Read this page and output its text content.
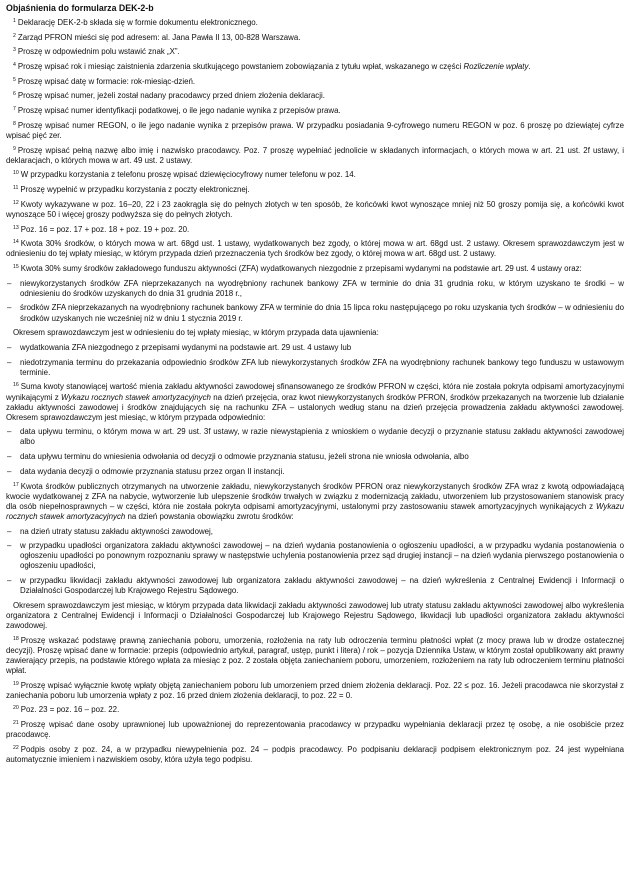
Objaśnienia do formularza DEK-2-b

$^1$ Deklarację DEK-2-b składa się w formie dokumentu elektronicznego.

$^2$ Zarząd PFRON mieści się pod adresem: al. Jana Pawła II 13, 00-828 Warszawa.

$^3$ Proszę w odpowiednim polu wstawić znak „X”.

$^4$ Proszę wpisać rok i miesiąc zaistnienia zdarzenia skutkującego powstaniem zobowiązania z tytułu wpłat, wskazanego w części Rozliczenie wpłaty.

$^5$ Proszę wpisać datę w formacie: rok-miesiąc-dzień.

$^6$ Proszę wpisać numer, jeżeli został nadany pracodawcy przed dniem złożenia deklaracji.

$^7$ Proszę wpisać numer identyfikacji podatkowej, o ile jego nadanie wynika z przepisów prawa.

$^8$ Proszę wpisać numer REGON, o ile jego nadanie wynika z przepisów prawa. W przypadku posiadania 9-cyfrowego numeru REGON w poz. 6 proszę po dziewiątej cyfrze wpisać pięć zer.

$^9$ Proszę wpisać pełną nazwę albo imię i nazwisko pracodawcy. Poz. 7 proszę wypełniać jednolicie w składanych informacjach, o których mowa w art. 21 ust. 2f ustawy, i deklaracjach, o których mowa w art. 49 ust. 2 ustawy.

$^{10}$ W przypadku korzystania z telefonu proszę wpisać dziewięciocyfrowy numer telefonu w poz. 14.

$^{11}$ Proszę wypełnić w przypadku korzystania z poczty elektronicznej.

$^{12}$ Kwoty wykazywane w poz. 16–20, 22 i 23 zaokrągla się do pełnych złotych w ten sposób, że końcówki kwot wynoszące mniej niż 50 groszy pomija się, a końcówki kwot wynoszące 50 i więcej groszy podwyższa się do pełnych złotych.

$^{13}$ Poz. 16 = poz. 17 + poz. 18 + poz. 19 + poz. 20.

$^{14}$ Kwota 30% środków, o których mowa w art. 68gd ust. 1 ustawy, wydatkowanych bez zgody, o której mowa w art. 68gd ust. 2 ustawy. Okresem sprawozdawczym jest w odniesieniu do tej wpłaty miesiąc, w którym przypada dzień przeznaczenia tych środków bez zgody, o której mowa w art. 68gd ust. 2 ustawy.

$^{15}$ Kwota 30% sumy środków zakładowego funduszu aktywności (ZFA) wydatkowanych niezgodnie z przepisami wydanymi na podstawie art. 29 ust. 4 ustawy oraz:

– niewykorzystanych środków ZFA nieprzekazanych na wyodrębniony rachunek bankowy ZFA w terminie do dnia 31 grudnia roku, w którym uzyskano te środki – w odniesieniu do środków uzyskanych do dnia 31 grudnia 2018 r.,
– środków ZFA nieprzekazanych na wyodrębniony rachunek bankowy ZFA w terminie do dnia 15 lipca roku następującego po roku uzyskania tych środków – w odniesieniu do środków uzyskanych nie wcześniej niż w dniu 1 stycznia 2019 r.

Okresem sprawozdawczym jest w odniesieniu do tej wpłaty miesiąc, w którym przypada data ujawnienia:

– wydatkowania ZFA niezgodnego z przepisami wydanymi na podstawie art. 29 ust. 4 ustawy lub
– niedotrzymania terminu do przekazania odpowiednio środków ZFA lub niewykorzystanych środków ZFA na wyodrębniony rachunek bankowy tego funduszu w ustawowym terminie.

$^{16}$ Suma kwoty stanowiącej wartość mienia zakładu aktywności zawodowej sfinansowanego ze środków PFRON w części, która nie została pokryta odpisami amortyzacyjnymi wynikającymi z Wykazu rocznych stawek amortyzacyjnych na dzień przejęcia, oraz kwot niewykorzystanych środków PFRON, środków przekazanych na tworzenie lub działanie zakładu aktywności zawodowej i środków znajdujących się na rachunku ZFA – ustalonych według stanu na dzień przejęcia prowadzenia zakładu aktywności zawodowej. Okresem sprawozdawczym jest miesiąc, w którym przypada odpowiednio:

– data upływu terminu, o którym mowa w art. 29 ust. 3f ustawy, w razie niewystąpienia z wnioskiem o wydanie decyzji o przyznanie statusu zakładu aktywności zawodowej albo
– data upływu terminu do wniesienia odwołania od decyzji o odmowie przyznania statusu, jeżeli strona nie wniosła odwołania, albo
– data wydania decyzji o odmowie przyznania statusu przez organ II instancji.

$^{17}$ Kwota środków publicznych otrzymanych na utworzenie zakładu, niewykorzystanych środków PFRON oraz niewykorzystanych środków ZFA wraz z kwotą odpowiadającą kwocie wydatkowanej z ZFA na nabycie, wytworzenie lub ulepszenie środków trwałych w związku z modernizacją zakładu, utworzeniem lub przystosowaniem stanowisk pracy dla osób niepełnosprawnych – w części, która nie została pokryta odpisami amortyzacyjnymi, ustalonymi przy zastosowaniu stawek amortyzacyjnych wynikających z Wykazu rocznych stawek amortyzacyjnych na dzień powstania obowiązku zwrotu środków:

– na dzień utraty statusu zakładu aktywności zawodowej,
– w przypadku upadłości organizatora zakładu aktywności zawodowej – na dzień wydania postanowienia o ogłoszeniu upadłości, a w przypadku wydania postanowienia o ogłoszeniu upadłości po ponownym rozpoznaniu sprawy w następstwie uchylenia postanowienia przez sąd drugiej instancji – na dzień wydania pierwszego postanowienia o ogłoszeniu upadłości,
– w przypadku likwidacji zakładu aktywności zawodowej lub organizatora zakładu aktywności zawodowej – na dzień wykreślenia z Centralnej Ewidencji i Informacji o Działalności Gospodarczej lub Krajowego Rejestru Sądowego.

Okresem sprawozdawczym jest miesiąc, w którym przypada data likwidacji zakładu aktywności zawodowej lub utraty statusu zakładu aktywności zawodowej albo wykreślenia organizatora z Centralnej Ewidencji i Informacji o Działalności Gospodarczej lub Krajowego Rejestru Sądowego, likwidacji lub upadłości organizatora zakładu aktywności zawodowej.

$^{18}$ Proszę wskazać podstawę prawną zaniechania poboru, umorzenia, rozłożenia na raty lub odroczenia terminu płatności wpłat (z mocy prawa lub w drodze ostatecznej decyzji). Proszę wpisać dane w formacie: przepis (odpowiednio artykuł, paragraf, ustęp, punkt i litera) / rok – pozycja Dziennika Ustaw, w którym został opublikowany akt prawny zawierający przepis, na podstawie którego wpłata za miesiąc z poz. 2 została objęta zaniechaniem poboru, umorzeniem, rozłożeniem na raty lub odroczeniem terminu płatności wpłat.

$^{19}$ Proszę wpisać wyłącznie kwotę wpłaty objętą zaniechaniem poboru lub umorzeniem przed dniem złożenia deklaracji. Poz. 22 ≤ poz. 16. Jeżeli pracodawca nie skorzystał z zaniechania poboru lub umorzenia wpłaty z poz. 16 przed dniem złożenia deklaracji, to poz. 22 = 0.

$^{20}$ Poz. 23 = poz. 16 – poz. 22.

$^{21}$ Proszę wpisać dane osoby uprawnionej lub upoważnionej do reprezentowania pracodawcy w przypadku wypełniania deklaracji przez tę osobę, a nie osobiście przez pracodawcę.

$^{22}$ Podpis osoby z poz. 24, a w przypadku niewypełnienia poz. 24 – podpis pracodawcy. Po podpisaniu deklaracji podpisem elektronicznym poz. 24 jest wypełniana automatycznie imieniem i nazwiskiem osoby, która użyła tego podpisu.
